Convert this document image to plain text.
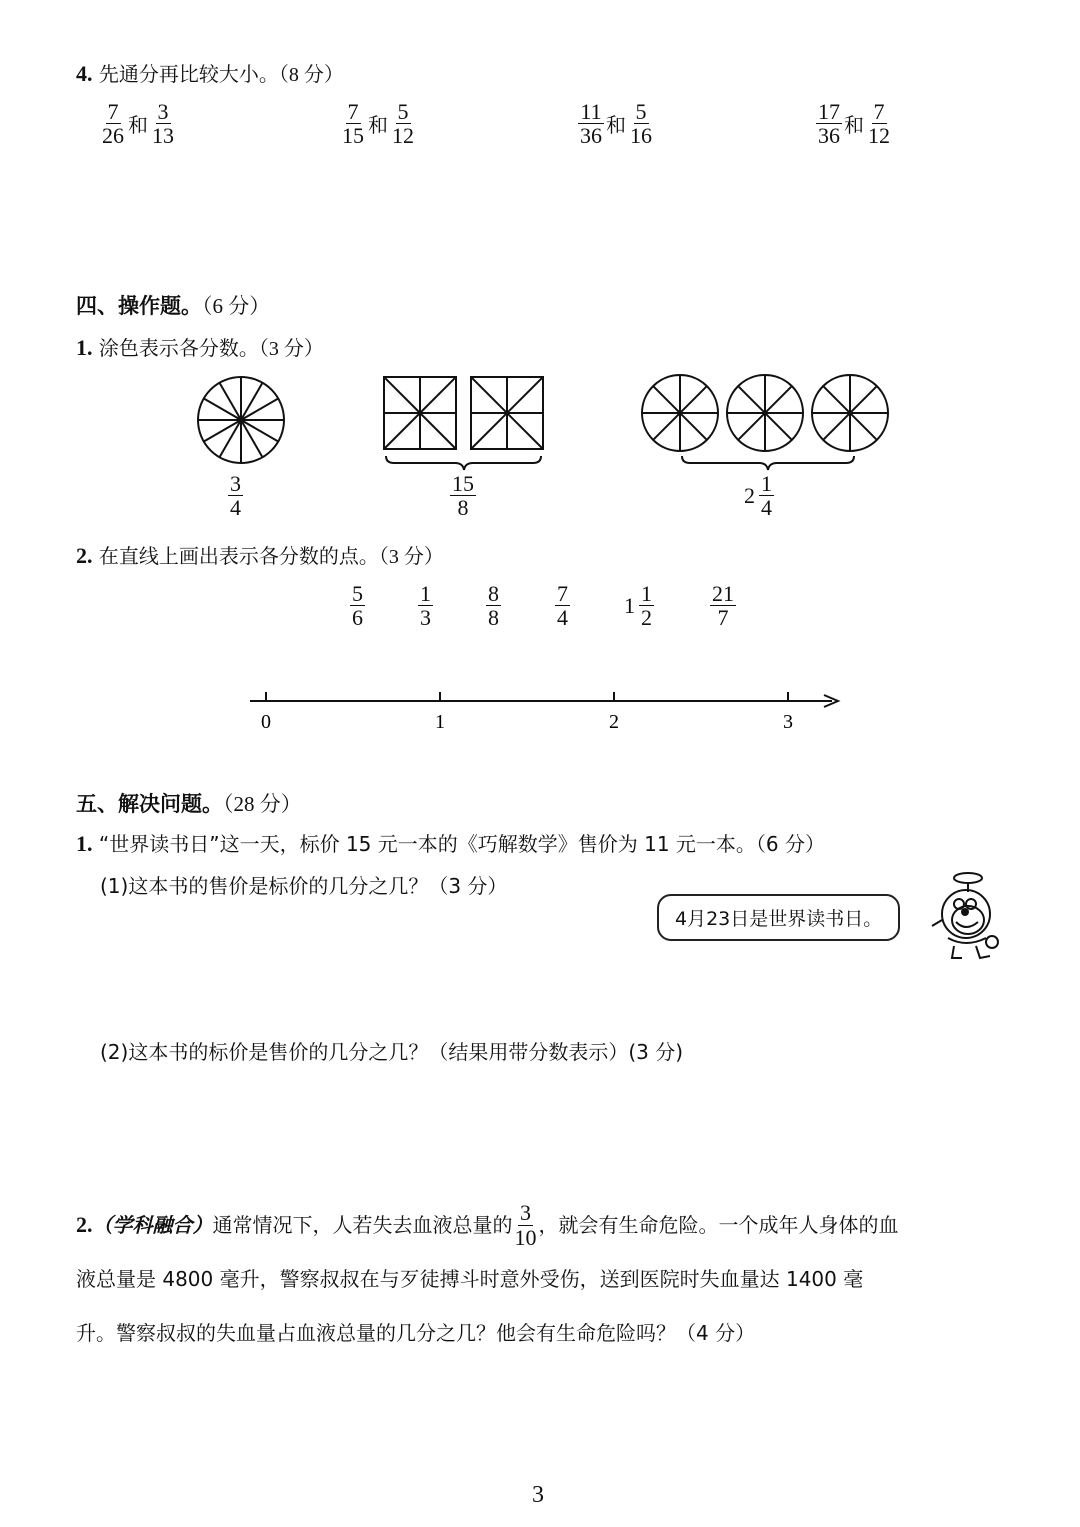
4. 先通分再比较大小。（8 分）
$\frac{7}{26}$ 和 $\frac{3}{13}$	$\frac{7}{15}$ 和 $\frac{5}{12}$	$\frac{11}{36}$ 和 $\frac{5}{16}$	$\frac{17}{36}$ 和 $\frac{7}{12}$
四、操作题。（6 分）
1. 涂色表示各分数。（3 分）
$\frac{3}{4}$	$\frac{15}{8}$	$2 \frac{1}{4}$
2. 在直线上画出表示各分数的点。（3 分）
$\frac{5}{6} \frac{1}{3} \frac{8}{8} \frac{7}{4} 1 \frac{1}{2}$	$\frac{21}{7}$
0	1	2	3
五、解决问题。（28 分）
1. “世界读书日”这一天，标价 15 元一本的《巧解数学》售价为 11 元一本。（6 分）
(1)这本书的售价是标价的几分之几？（3 分）
4月23日是世界读书日。
(2)这本书的标价是售价的几分之几？（结果用带分数表示）(3 分)
2. （学科融合） 通常情况下，人若失去血液总量的 $\frac{3}{10}$ ，就会有生命危险。一个成年人身体的血
液总量是 4800 毫升，警察叔叔在与歹徒搏斗时意外受伤，送到医院时失血量达 1400 毫
升。警察叔叔的失血量占血液总量的几分之几？他会有生命危险吗？（4 分）
3
